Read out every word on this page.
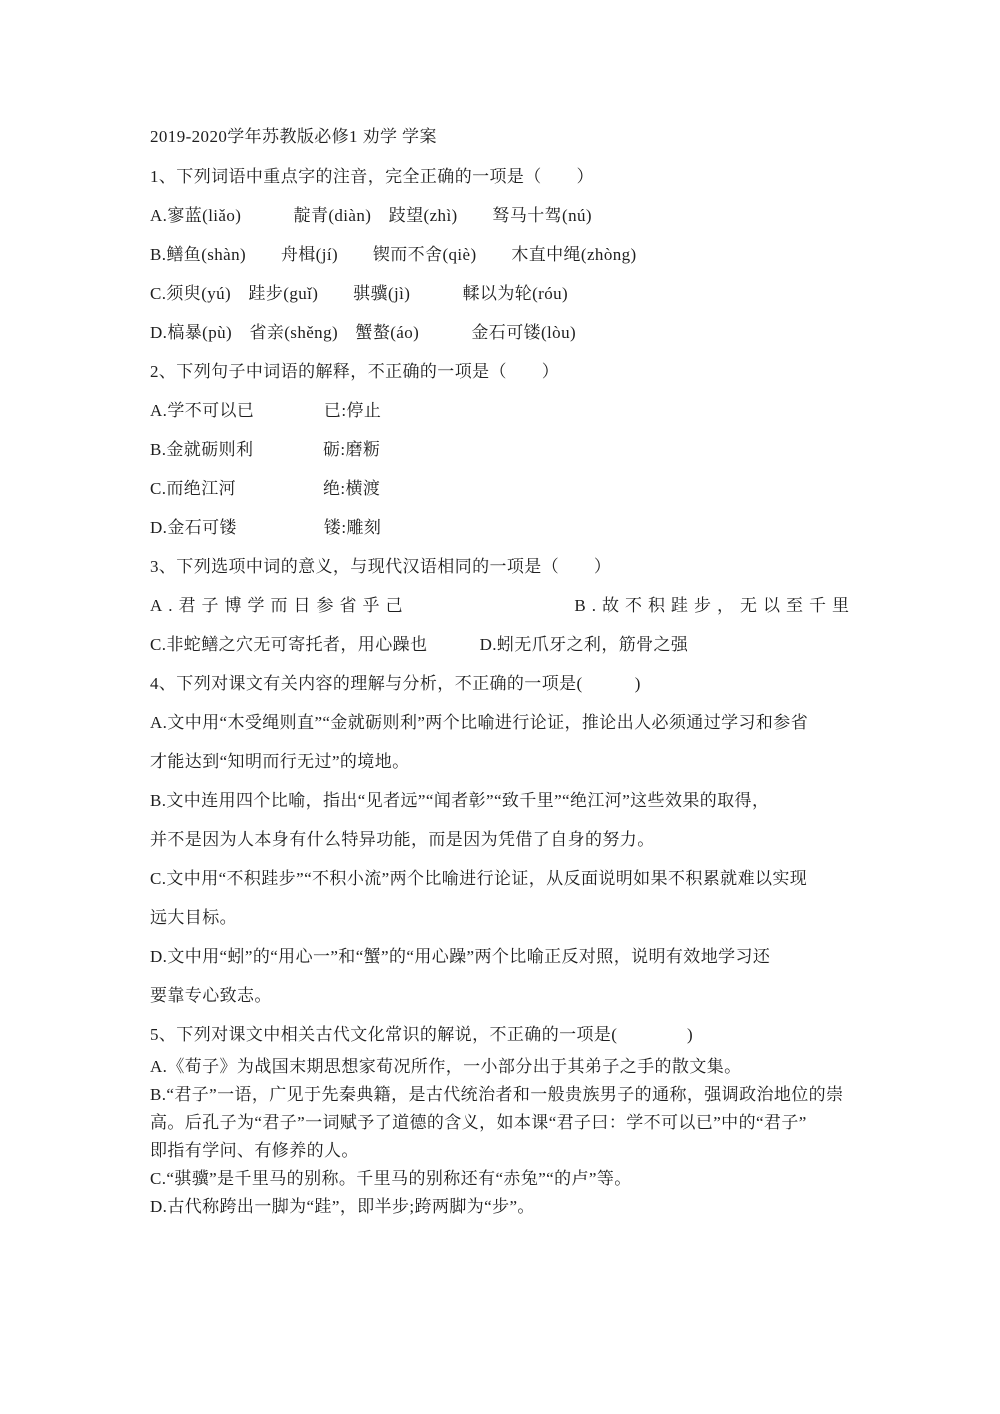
2019-2020学年苏教版必修1 劝学 学案
1、下列词语中重点字的注音，完全正确的一项是（　　）
A.寥蓝(liǎo)　　　靛青(diàn)　跂望(zhì)　　驽马十驾(nú)
B.鳝鱼(shàn)　　舟楫(jí)　　锲而不舍(qiè)　　木直中绳(zhòng)
C.须臾(yú)　跬步(guǐ)　　骐骥(jì)　　　輮以为轮(róu)
D.槁暴(pù)　省亲(shěng)　蟹螯(áo)　　　金石可镂(lòu)
2、下列句子中词语的解释，不正确的一项是（　　）
A.学不可以已　　　　已:停止
B.金就砺则利　　　　砺:磨粝
C.而绝江河　　　　　绝:横渡
D.金石可镂　　　　　镂:雕刻
3、下列选项中词的意义，与现代汉语相同的一项是（　　）
A.君子博学而日参省乎己	B.故不积跬步，无以至千里
C.非蛇鳝之穴无可寄托者，用心躁也　　　D.蚓无爪牙之利，筋骨之强
4、下列对课文有关内容的理解与分析，不正确的一项是(　　　)
A.文中用“木受绳则直”“金就砺则利”两个比喻进行论证，推论出人必须通过学习和参省
才能达到“知明而行无过”的境地。
B.文中连用四个比喻，指出“见者远”“闻者彰”“致千里”“绝江河”这些效果的取得，
并不是因为人本身有什么特异功能，而是因为凭借了自身的努力。
C.文中用“不积跬步”“不积小流”两个比喻进行论证，从反面说明如果不积累就难以实现
远大目标。
D.文中用“蚓”的“用心一”和“蟹”的“用心躁”两个比喻正反对照，说明有效地学习还
要靠专心致志。
5、下列对课文中相关古代文化常识的解说，不正确的一项是(　　　　)
A.《荀子》为战国末期思想家荀况所作，一小部分出于其弟子之手的散文集。
B.“君子”一语，广见于先秦典籍，是古代统治者和一般贵族男子的通称，强调政治地位的崇
高。后孔子为“君子”一词赋予了道德的含义，如本课“君子曰：学不可以已”中的“君子”
即指有学问、有修养的人。
C.“骐骥”是千里马的别称。千里马的别称还有“赤兔”“的卢”等。
D.古代称跨出一脚为“跬”，即半步;跨两脚为“步”。
